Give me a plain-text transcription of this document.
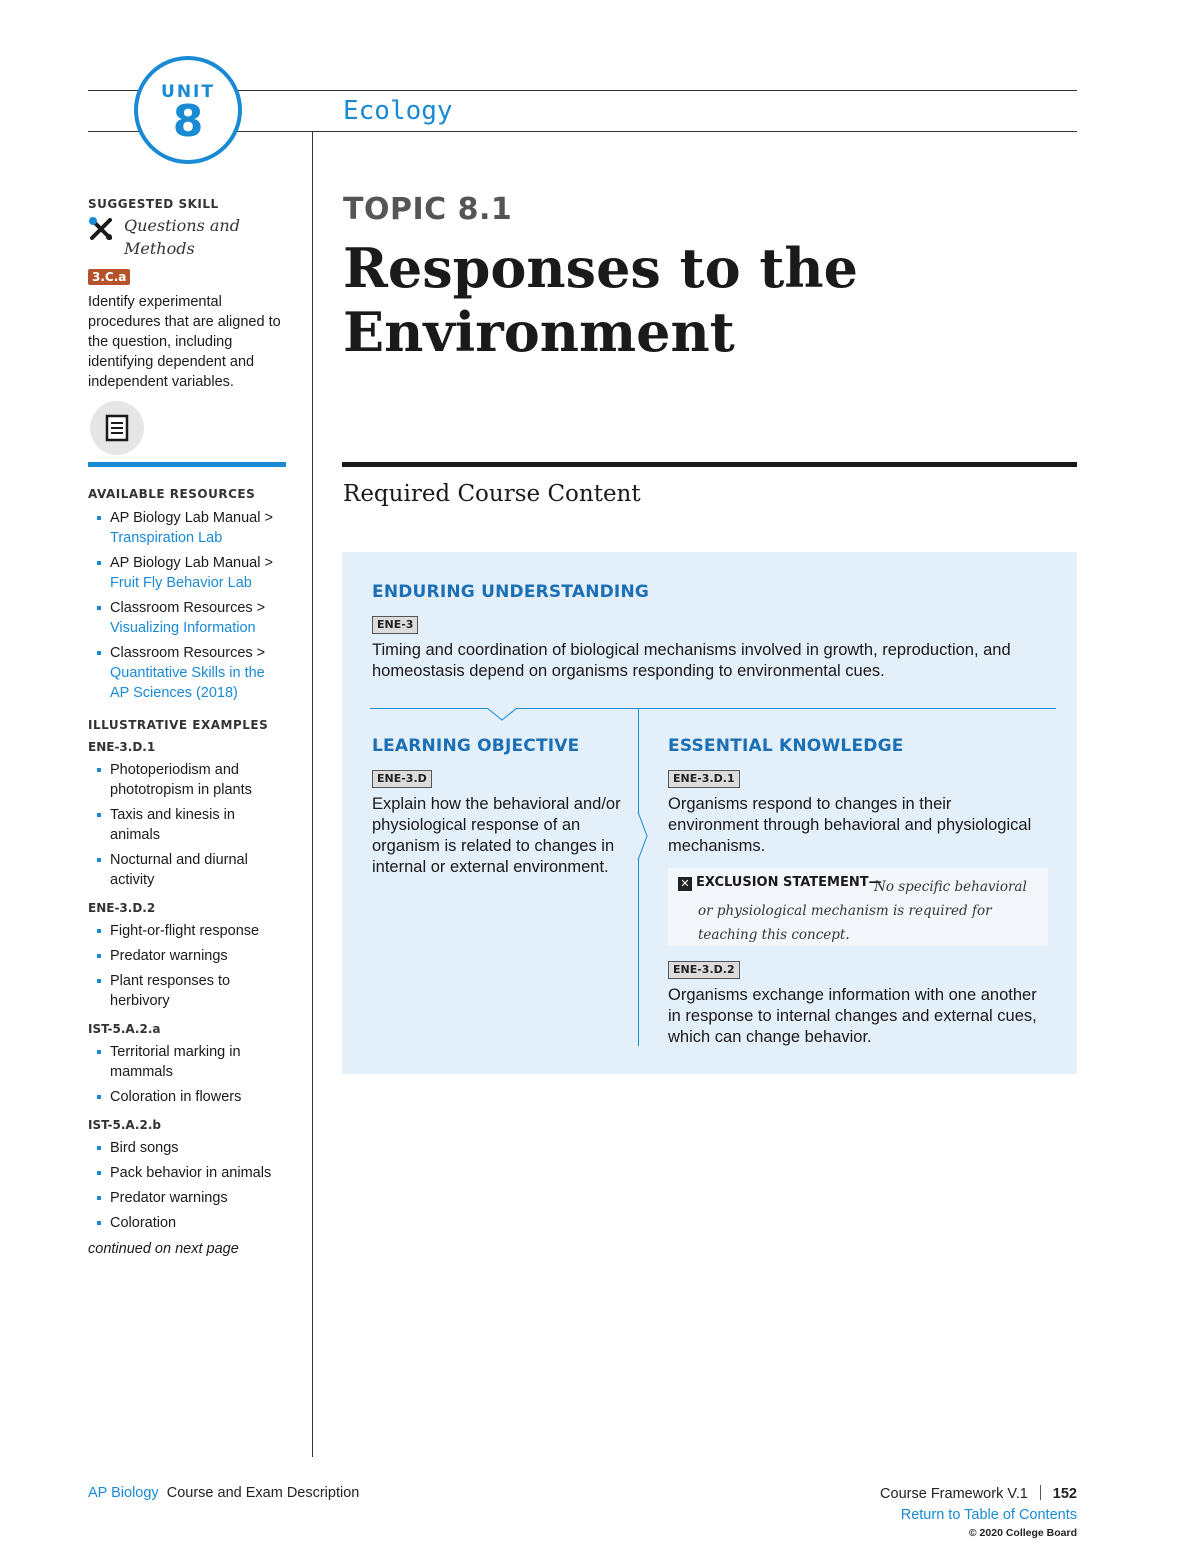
UNIT
8	Ecology
SUGGESTED SKILL
Questions and Methods
3.C.a
Identify experimental procedures that are aligned to the question, including identifying dependent and independent variables.
AVAILABLE RESOURCES
AP Biology Lab Manual >
Transpiration Lab
AP Biology Lab Manual >
Fruit Fly Behavior Lab
Classroom Resources >
Visualizing Information
Classroom Resources >
Quantitative Skills in the AP Sciences (2018)
ILLUSTRATIVE EXAMPLES
ENE-3.D.1
Photoperiodism and phototropism in plants
Taxis and kinesis in animals
Nocturnal and diurnal activity
ENE-3.D.2
Fight-or-flight response
Predator warnings
Plant responses to herbivory
IST-5.A.2.a
Territorial marking in mammals
Coloration in flowers
IST-5.A.2.b
Bird songs
Pack behavior in animals
Predator warnings
Coloration
continued on next page
TOPIC 8.1
Responses to the Environment
Required Course Content
ENDURING UNDERSTANDING
ENE-3
Timing and coordination of biological mechanisms involved in growth, reproduction, and homeostasis depend on organisms responding to environmental cues.
LEARNING OBJECTIVE
ENE-3.D
Explain how the behavioral and/or physiological response of an organism is related to changes in internal or external environment.
ESSENTIAL KNOWLEDGE
ENE-3.D.1
Organisms respond to changes in their environment through behavioral and physiological mechanisms.
✕ EXCLUSION STATEMENT—
No specific behavioral or physiological mechanism is required for teaching this concept.
ENE-3.D.2
Organisms exchange information with one another in response to internal changes and external cues, which can change behavior.
AP Biology Course and Exam Description	Course Framework V.1 152
Return to Table of Contents
© 2020 College Board
